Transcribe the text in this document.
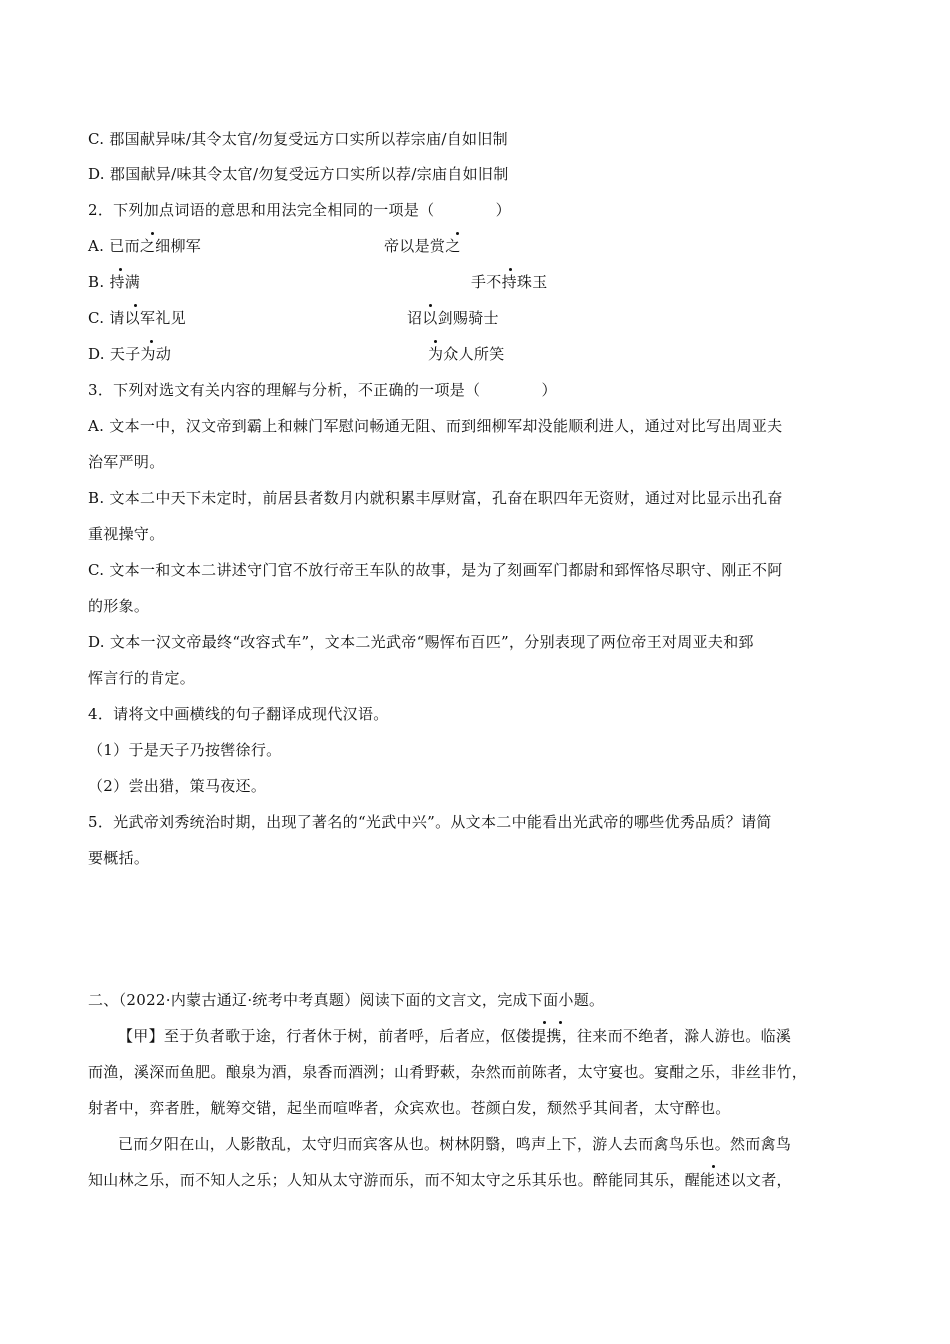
C. 郡国献异味/其令太官/勿复受远方口实所以荐宗庙/自如旧制
D. 郡国献异/味其令太官/勿复受远方口实所以荐/宗庙自如旧制
2．下列加点词语的意思和用法完全相同的一项是（　　　　）
A. 已而之细柳军	帝以是赏之
B. 持满	手不持珠玉
C. 请以军礼见	诏以剑赐骑士
D. 天子为动	为众人所笑
3．下列对选文有关内容的理解与分析，不正确的一项是（　　　　）
A. 文本一中，汉文帝到霸上和棘门军慰问畅通无阻、而到细柳军却没能顺利进人，通过对比写出周亚夫
治军严明。
B. 文本二中天下未定时，前居县者数月内就积累丰厚财富，孔奋在职四年无资财，通过对比显示出孔奋
重视操守。
C. 文本一和文本二讲述守门官不放行帝王车队的故事，是为了刻画军门都尉和郅恽恪尽职守、刚正不阿
的形象。
D. 文本一汉文帝最终“改容式车”，文本二光武帝“赐恽布百匹”，分别表现了两位帝王对周亚夫和郅
恽言行的肯定。
4．请将文中画横线的句子翻译成现代汉语。
（1）于是天子乃按辔徐行。
（2）尝出猎，策马夜还。
5．光武帝刘秀统治时期，出现了著名的“光武中兴”。从文本二中能看出光武帝的哪些优秀品质？请简
要概括。
二、（2022·内蒙古通辽·统考中考真题）阅读下面的文言文，完成下面小题。
【甲】至于负者歌于途，行者休于树，前者呼，后者应，伛偻提携，往来而不绝者，滁人游也。临溪
而渔，溪深而鱼肥。酿泉为酒，泉香而酒洌；山肴野蔌，杂然而前陈者，太守宴也。宴酣之乐，非丝非竹，
射者中，弈者胜，觥筹交错，起坐而喧哗者，众宾欢也。苍颜白发，颓然乎其间者，太守醉也。
已而夕阳在山，人影散乱，太守归而宾客从也。树林阴翳，鸣声上下，游人去而禽鸟乐也。然而禽鸟
知山林之乐，而不知人之乐；人知从太守游而乐，而不知太守之乐其乐也。醉能同其乐，醒能述以文者，
